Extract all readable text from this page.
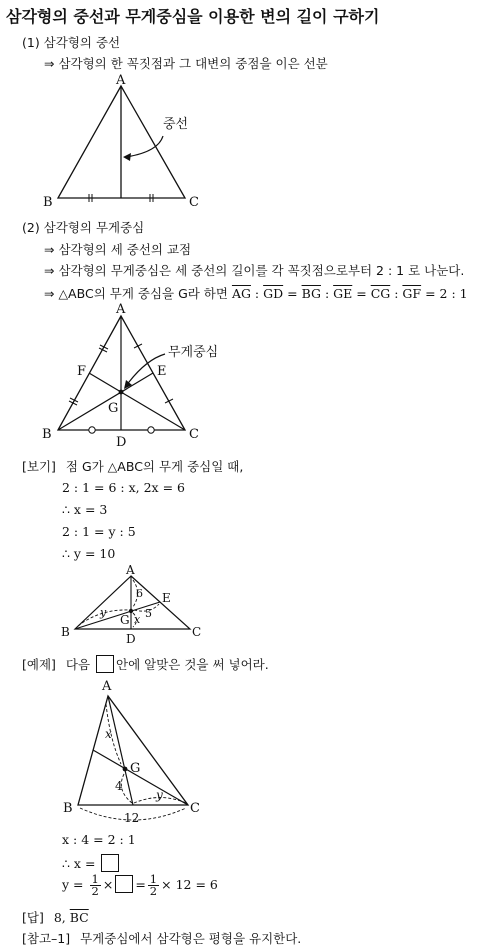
삼각형의 중선과 무게중심을 이용한 변의 길이 구하기
(1) 삼각형의 중선
⇒ 삼각형의 한 꼭짓점과 그 대변의 중점을 이은 선분
A
B	C
중선
A
B	C
D
E
F
G
무게중심
A
B	C
D
E
G
6
5
x
y
A
B	C
G
x
4
y
12
(2) 삼각형의 무게중심
⇒ 삼각형의 세 중선의 교점
⇒ 삼각형의 무게중심은 세 중선의 길이를 각 꼭짓점으로부터 2 : 1 로 나눈다.
⇒ △ABC의 무게 중심을 G라 하면 $\overline{AG}$ : $\overline{GD} = \overline{BG}$ : $\overline{GE} = \overline{CG}$ : $\overline{GF} = 2$ : 1
[보기] 점 G가 △ABC의 무게 중심일 때,
2 : 1 = 6 : x, 2x = 6
∴ x = 3
2 : 1 = y : 5
∴ y = 10
[예제] 다음 안에 알맞은 것을 써 넣어라.
x : 4 = 2 : 1
∴ x =
$y = \frac{1}{2}$ × = $\frac{1}{2} \times 12 = 6$
[답] 8, $\overline{BC}$
[참고–1] 무게중심에서 삼각형은 평형을 유지한다.
